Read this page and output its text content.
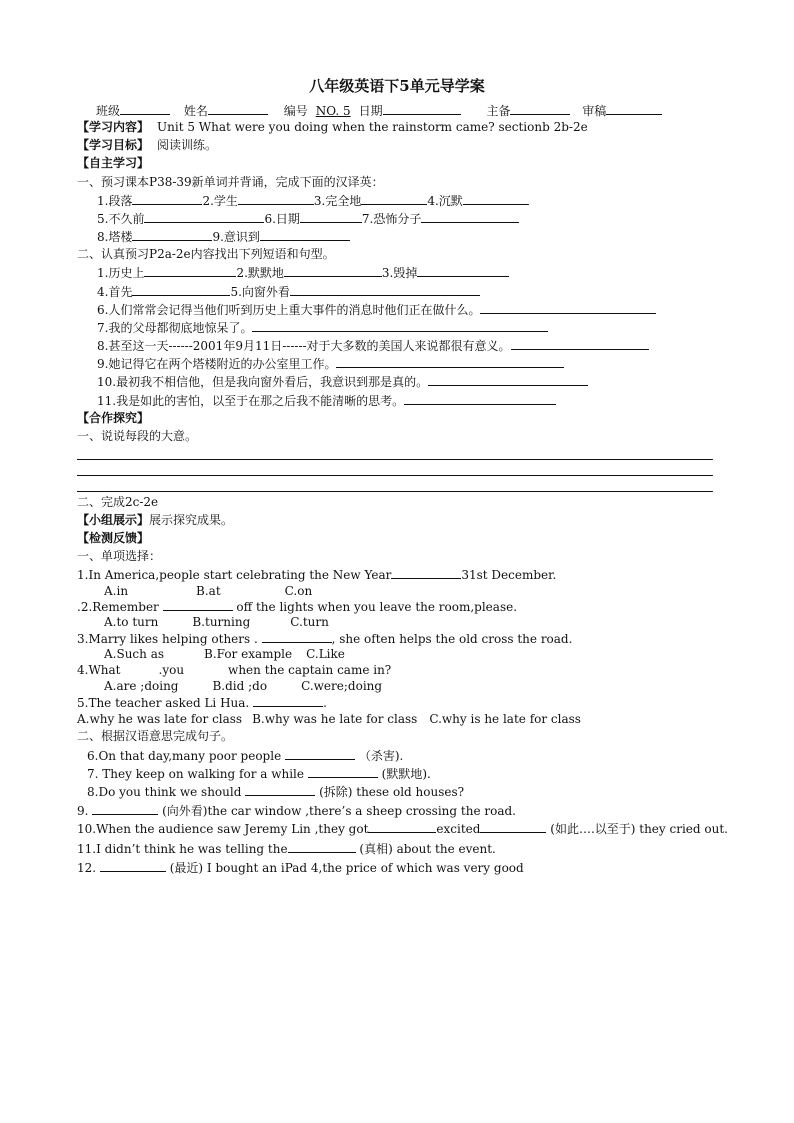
八年级英语下5单元导学案
班级	姓名	编号 NO. 5 日期	主备	审稿
【学习内容】 Unit 5 What were you doing when the rainstorm came? sectionb 2b-2e
【学习目标】 阅读训练。
【自主学习】
一、预习课本P38-39新单词并背诵，完成下面的汉译英：
1.段落	2.学生	3.完全地	4.沉默
5.不久前	6.日期	7.恐怖分子
8.塔楼	9.意识到
二、认真预习P2a-2e内容找出下列短语和句型。
1.历史上	2.默默地	3.毁掉
4.首先	5.向窗外看
6.人们常常会记得当他们听到历史上重大事件的消息时他们正在做什么。
7.我的父母都彻底地惊呆了。
8.甚至这一天------2001年9月11日------对于大多数的美国人来说都很有意义。
9.她记得它在两个塔楼附近的办公室里工作。
10.最初我不相信他，但是我向窗外看后，我意识到那是真的。
11.我是如此的害怕，以至于在那之后我不能清晰的思考。
【合作探究】
一、说说每段的大意。
二、完成2c-2e
【小组展示】展示探究成果。
【检测反馈】
一、单项选择：
1.In America,people start celebrating the New Year	31st December.
A.in	B.at	C.on
.2.Remember	off the lights when you leave the room,please.
A.to turn	B.turning	C.turn
3.Marry likes helping others .	, she often helps the old cross the road.
A.Such as	B.For example C.Like
4.What	.you	when the captain came in?
A.are ;doing	B.did ;do	C.were;doing
5.The teacher asked Li Hua.	.
A.why he was late for class B.why was he late for class C.why is he late for class
二、根据汉语意思完成句子。
6.On that day,many poor people	（杀害).
7. They keep on walking for a while	(默默地).
8.Do you think we should	(拆除) these old houses?
9.	(向外看)the car window ,there’s a sheep crossing the road.
10.When the audience saw Jeremy Lin ,they got	excited	(如此….以至于) they cried out.
11.I didn’t think he was telling the	(真相) about the event.
12.	(最近) I bought an iPad 4,the price of which was very good
